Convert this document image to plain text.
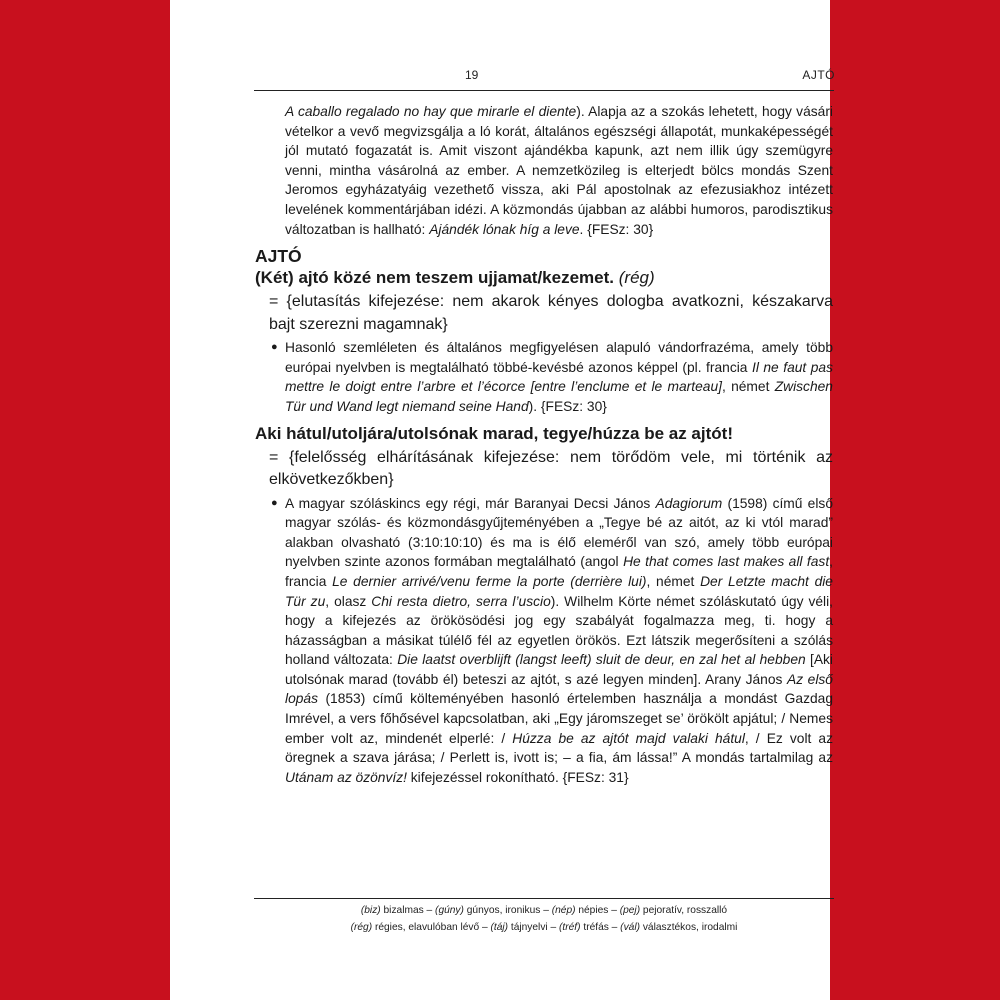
19	AJTÓ

A caballo regalado no hay que mirarle el diente). Alapja az a szokás lehetett, hogy vásári vételkor a vevő megvizsgálja a ló korát, általános egészségi állapotát, munkaképességét jól mutató fogazatát is. Amit viszont ajándékba kapunk, azt nem illik úgy szemügyre venni, mintha vásárolná az ember. A nemzetközileg is elterjedt bölcs mondás Szent Jeromos egyházatyáig vezethető vissza, aki Pál apostolnak az efezusiakhoz intézett levelének kommentárjában idézi. A közmondás újabban az alábbi humoros, parodisztikus változatban is hallható: Ajándék lónak híg a leve. {FESz: 30}

AJTÓ
(Két) ajtó közé nem teszem ujjamat/kezemet. (rég)
= {elutasítás kifejezése: nem akarok kényes dologba avatkozni, készakarva bajt szerezni magamnak}
● Hasonló szemléleten és általános megfigyelésen alapuló vándorfrazéma, amely több európai nyelvben is megtalálható többé-kevésbé azonos képpel (pl. francia Il ne faut pas mettre le doigt entre l’arbre et l’écorce [entre l’enclume et le marteau], német Zwischen Tür und Wand legt niemand seine Hand). {FESz: 30}
Aki hátul/utoljára/utolsónak marad, tegye/húzza be az ajtót!
= {felelősség elhárításának kifejezése: nem törődöm vele, mi történik az elkövetkezőkben}
● A magyar szóláskincs egy régi, már Baranyai Decsi János Adagiorum (1598) című első magyar szólás- és közmondásgyűjteményében a „Tegye bé az aitót, az ki vtól marad” alakban olvasható (3:10:10:10) és ma is élő eleméről van szó, amely több európai nyelvben szinte azonos formában megtalálható (angol He that comes last makes all fast, francia Le dernier arrivé/venu ferme la porte (derrière lui), német Der Letzte macht die Tür zu, olasz Chi resta dietro, serra l’uscio). Wilhelm Körte német szóláskutató úgy véli, hogy a kifejezés az örökösödési jog egy szabályát fogalmazza meg, ti. hogy a házasságban a másikat túlélő fél az egyetlen örökös. Ezt látszik megerősíteni a szólás holland változata: Die laatst overblijft (langst leeft) sluit de deur, en zal het al hebben [Aki utolsónak marad (tovább él) beteszi az ajtót, s azé legyen minden]. Arany János Az első lopás (1853) című költeményében hasonló értelemben használja a mondást Gazdag Imrével, a vers főhősével kapcsolatban, aki „Egy járomszeget se’ örökölt apjátul; / Nemes ember volt az, mindenét elperlé: / Húzza be az ajtót majd valaki hátul, / Ez volt az öregnek a szava járása; / Perlett is, ivott is; – a fia, ám lássa!” A mondás tartalmilag az Utánam az özönvíz! kifejezéssel rokonítható. {FESz: 31}
(biz) bizalmas – (gúny) gúnyos, ironikus – (nép) népies – (pej) pejoratív, rosszalló
(rég) régies, elavulóban lévő – (táj) tájnyelvi – (tréf) tréfás – (vál) választékos, irodalmi
